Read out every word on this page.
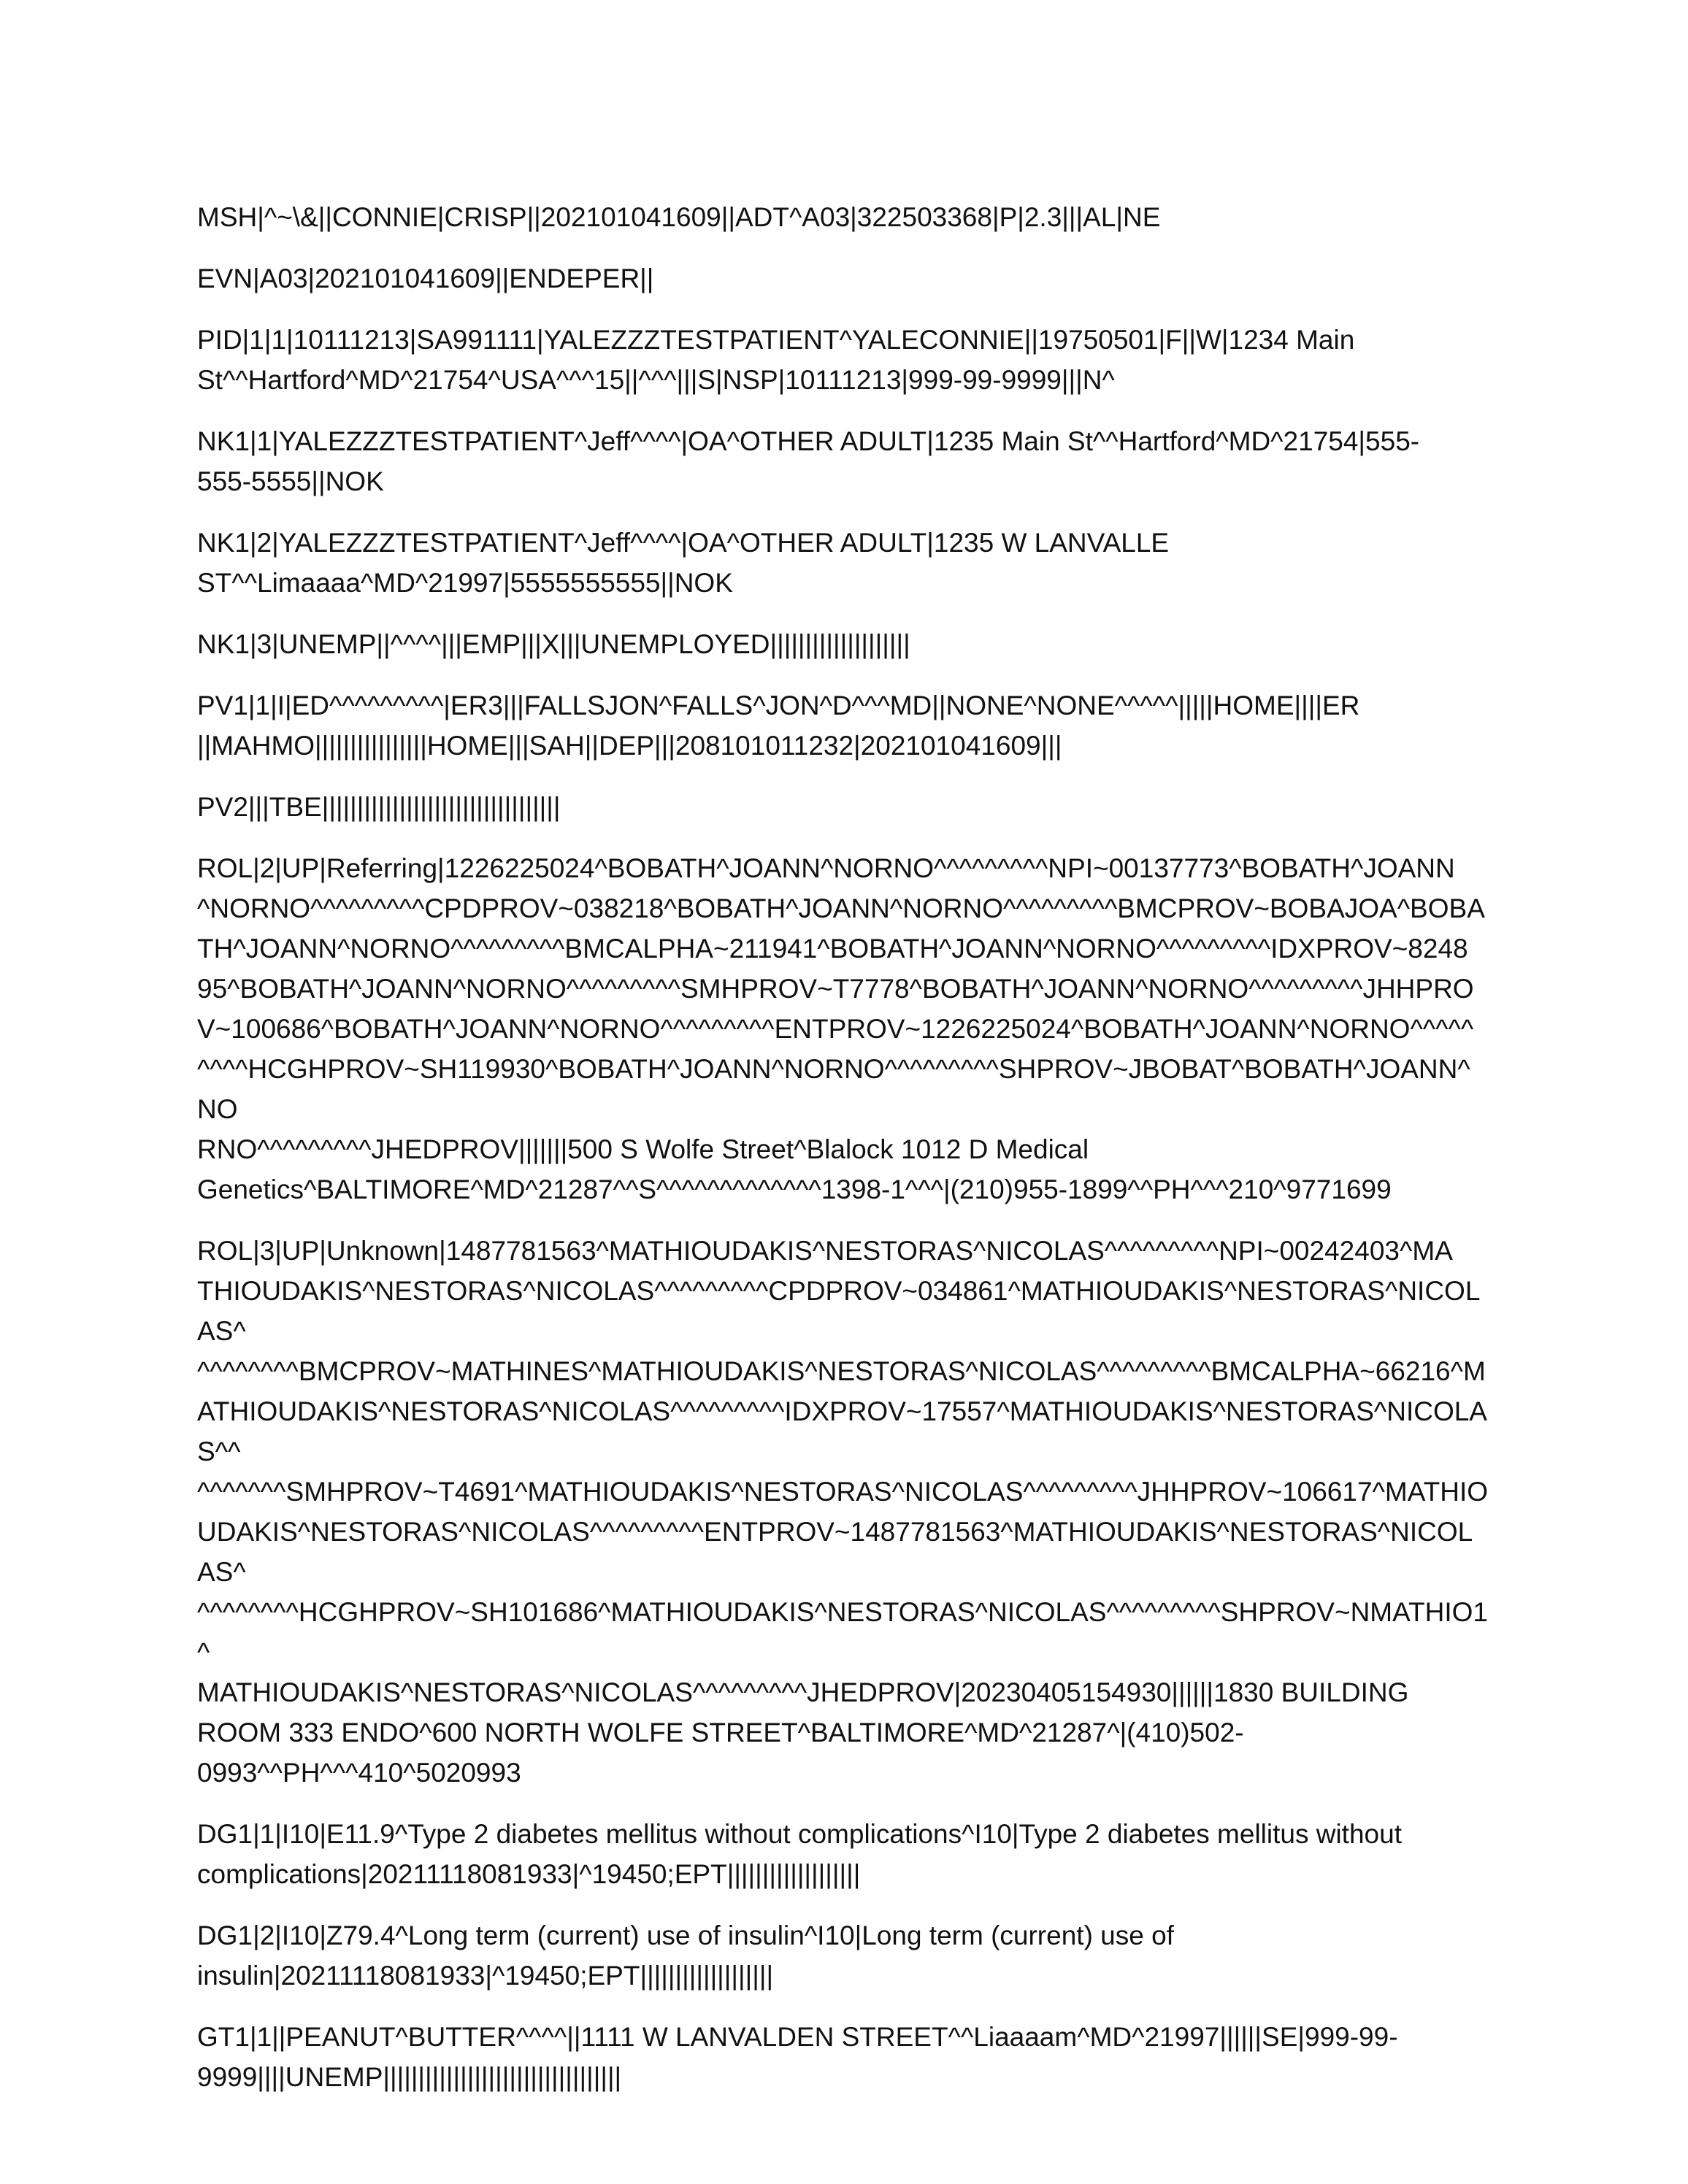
MSH|^~\&||CONNIE|CRISP||202101041609||ADT^A03|322503368|P|2.3|||AL|NE
EVN|A03|202101041609||ENDEPER||
PID|1|1|10111213|SA991111|YALEZZZTESTPATIENT^YALECONNIE||19750501|F||W|1234 Main
St^^Hartford^MD^21754^USA^^^15||^^^|||S|NSP|10111213|999-99-9999|||N^
NK1|1|YALEZZZTESTPATIENT^Jeff^^^^|OA^OTHER ADULT|1235 Main St^^Hartford^MD^21754|555-
555-5555||NOK
NK1|2|YALEZZZTESTPATIENT^Jeff^^^^|OA^OTHER ADULT|1235 W LANVALLE
ST^^Limaaaa^MD^21997|5555555555||NOK
NK1|3|UNEMP||^^^^|||EMP|||X|||UNEMPLOYED||||||||||||||||||||
PV1|1|I|ED^^^^^^^^^|ER3|||FALLSJON^FALLS^JON^D^^^MD||NONE^NONE^^^^^|||||HOME||||ER
||MAHMO||||||||||||||||HOME|||SAH||DEP|||208101011232|202101041609|||
PV2|||TBE||||||||||||||||||||||||||||||||||
ROL|2|UP|Referring|1226225024^BOBATH^JOANN^NORNO^^^^^^^^^NPI~00137773^BOBATH^JOANN
^NORNO^^^^^^^^^CPDPROV~038218^BOBATH^JOANN^NORNO^^^^^^^^^BMCPROV~BOBAJOA^BOBA
TH^JOANN^NORNO^^^^^^^^^BMCALPHA~211941^BOBATH^JOANN^NORNO^^^^^^^^^IDXPROV~8248
95^BOBATH^JOANN^NORNO^^^^^^^^^SMHPROV~T7778^BOBATH^JOANN^NORNO^^^^^^^^^JHHPRO
V~100686^BOBATH^JOANN^NORNO^^^^^^^^^ENTPROV~1226225024^BOBATH^JOANN^NORNO^^^^^
^^^^HCGHPROV~SH119930^BOBATH^JOANN^NORNO^^^^^^^^^SHPROV~JBOBAT^BOBATH^JOANN^NO
RNO^^^^^^^^^JHEDPROV|||||||500 S Wolfe Street^Blalock 1012 D Medical
Genetics^BALTIMORE^MD^21287^^S^^^^^^^^^^^^^1398-1^^^|(210)955-1899^^PH^^^210^9771699
ROL|3|UP|Unknown|1487781563^MATHIOUDAKIS^NESTORAS^NICOLAS^^^^^^^^^NPI~00242403^MA
THIOUDAKIS^NESTORAS^NICOLAS^^^^^^^^^CPDPROV~034861^MATHIOUDAKIS^NESTORAS^NICOLAS^
^^^^^^^^BMCPROV~MATHINES^MATHIOUDAKIS^NESTORAS^NICOLAS^^^^^^^^^BMCALPHA~66216^M
ATHIOUDAKIS^NESTORAS^NICOLAS^^^^^^^^^IDXPROV~17557^MATHIOUDAKIS^NESTORAS^NICOLAS^^
^^^^^^^SMHPROV~T4691^MATHIOUDAKIS^NESTORAS^NICOLAS^^^^^^^^^JHHPROV~106617^MATHIO
UDAKIS^NESTORAS^NICOLAS^^^^^^^^^ENTPROV~1487781563^MATHIOUDAKIS^NESTORAS^NICOLAS^
^^^^^^^^HCGHPROV~SH101686^MATHIOUDAKIS^NESTORAS^NICOLAS^^^^^^^^^SHPROV~NMATHIO1^
MATHIOUDAKIS^NESTORAS^NICOLAS^^^^^^^^^JHEDPROV|20230405154930||||||1830 BUILDING
ROOM 333 ENDO^600 NORTH WOLFE STREET^BALTIMORE^MD^21287^|(410)502-
0993^^PH^^^410^5020993
DG1|1|I10|E11.9^Type 2 diabetes mellitus without complications^I10|Type 2 diabetes mellitus without
complications|20211118081933|^19450;EPT|||||||||||||||||||
DG1|2|I10|Z79.4^Long term (current) use of insulin^I10|Long term (current) use of
insulin|20211118081933|^19450;EPT|||||||||||||||||||
GT1|1||PEANUT^BUTTER^^^^||1111 W LANVALDEN STREET^^Liaaaam^MD^21997||||||SE|999-99-
9999||||UNEMP||||||||||||||||||||||||||||||||||
